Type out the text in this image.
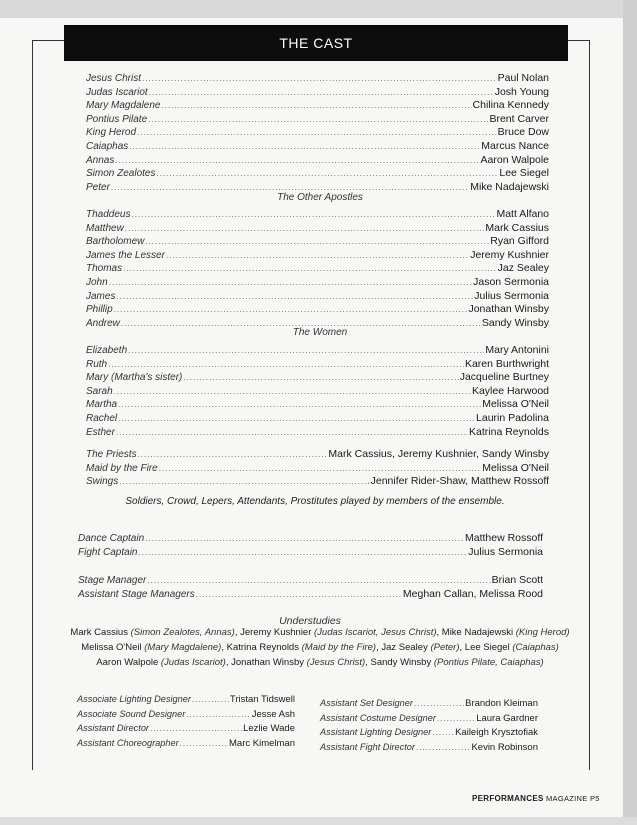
THE CAST
Jesus Christ .....	Paul Nolan
Judas Iscariot .....	Josh Young
Mary Magdalene .....	Chilina Kennedy
Pontius Pilate .....	Brent Carver
King Herod .....	Bruce Dow
Caiaphas .....	Marcus Nance
Annas .....	Aaron Walpole
Simon Zealotes .....	Lee Siegel
Peter .....	Mike Nadajewski
Thaddeus .....	Matt Alfano
Matthew .....	Mark Cassius
Bartholomew .....	Ryan Gifford
James the Lesser .....	Jeremy Kushnier
Thomas .....	Jaz Sealey
John .....	Jason Sermonia
James .....	Julius Sermonia
Phillip .....	Jonathan Winsby
Andrew .....	Sandy Winsby
Elizabeth .....	Mary Antonini
Ruth .....	Karen Burthwright
Mary (Martha's sister) .....	Jacqueline Burtney
Sarah .....	Kaylee Harwood
Martha .....	Melissa O'Neil
Rachel .....	Laurin Padolina
Esther .....	Katrina Reynolds
The Priests .....	Mark Cassius, Jeremy Kushnier, Sandy Winsby
Maid by the Fire .....	Melissa O'Neil
Swings .....	Jennifer Rider-Shaw, Matthew Rossoff
Dance Captain .....	Matthew Rossoff
Fight Captain .....	Julius Sermonia
Stage Manager .....	Brian Scott
Assistant Stage Managers .....	Meghan Callan, Melissa Rood
The Other Apostles
The Women
Soldiers, Crowd, Lepers, Attendants, Prostitutes played by members of the ensemble.
Understudies
Mark Cassius (Simon Zealotes, Annas), Jeremy Kushnier (Judas Iscariot, Jesus Christ), Mike Nadajewski (King Herod)
Melissa O'Neil (Mary Magdalene), Katrina Reynolds (Maid by the Fire), Jaz Sealey (Peter), Lee Siegel (Caiaphas)
Aaron Walpole (Judas Iscariot), Jonathan Winsby (Jesus Christ), Sandy Winsby (Pontius Pilate, Caiaphas)
Associate Lighting Designer .....	Tristan Tidswell
Associate Sound Designer .....	Jesse Ash
Assistant Director .....	Lezlie Wade
Assistant Choreographer .....	Marc Kimelman
Assistant Set Designer .....	Brandon Kleiman
Assistant Costume Designer .....	Laura Gardner
Assistant Lighting Designer .....	Kaileigh Krysztofiak
Assistant Fight Director .....	Kevin Robinson
PERFORMANCES MAGAZINE P5
